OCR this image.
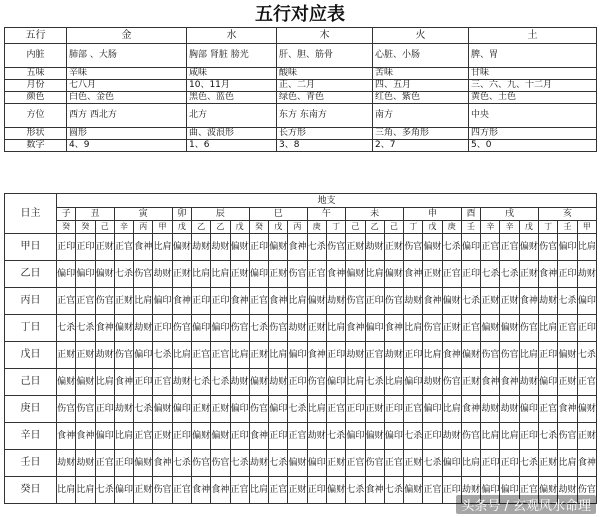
五行对应表
五行	金	水	木	火	土
内脏	肺部 、大肠	胸部 肾脏 膀光	肝、胆、筋骨	心脏、小肠	脾、胃
五味	辛味	咸味	酸味	苦味	甘味
月份	七八月	10、11月	正、二月	四、五月	三、六、九、十二月
颜色	白色、金色	黑色、蓝色	绿色、青色	红色、紫色	黄色、土色
方位	西方 西北方	北方	东方 东南方	南方	中央
形状	圆形	曲、波浪形	长方形	三角、多角形	四方形
数字	4、9	1、6	3、8	2、7	5、0
日主	地支																											
	子	丑		寅			卯	辰			巳			午		未			申			酉	戌			亥		
	癸	癸	己	辛	丙	甲	戊	乙	乙	戊	癸	戊	丙	庚	丁	己	乙	己	丁	戊	庚	壬	辛	辛	戊	丁	壬	甲

甲日	正印	正印	正财	正官	食神	比肩	偏财	劫财	劫财	偏财	正印	偏财	食神	七杀	伤官	正财	劫财	正财	伤官	偏财	七杀	偏印	正官	正官	偏财	伤官	偏印	比肩
乙日	偏印	偏印	偏财	七杀	伤官	劫财	正财	比肩	比肩	正财	偏印	正财	伤官	正官	食神	偏财	比肩	偏财	食神	正财	正官	正印	七杀	七杀	正财	食神	正印	劫财
丙日	正官	正官	伤官	正财	比肩	偏印	食神	正印	正印	食神	正官	食神	比肩	偏财	劫财	伤官	正印	伤官	劫财	食神	偏财	七杀	正财	正财	食神	劫财	七杀	偏印
丁日	七杀	七杀	食神	偏财	劫财	正印	伤官	偏印	偏印	伤官	七杀	伤官	劫财	正财	比肩	食神	偏印	食神	比肩	伤官	正财	正官	偏财	偏财	伤官	比肩	正官	正印
戊日	正财	正财	劫财	伤官	偏印	七杀	比肩	正官	正官	比肩	正财	比肩	偏印	食神	正印	劫财	正官	劫财	正印	比肩	食神	偏财	伤官	伤官	比肩	正印	偏财	七杀
己日	偏财	偏财	比肩	食神	正印	正官	劫财	七杀	七杀	劫财	偏财	劫财	正印	伤官	偏印	比肩	七杀	比肩	偏印	劫财	伤官	正财	食神	食神	劫财	偏印	正财	正官
庚日	伤官	伤官	正印	劫财	七杀	偏财	偏印	正财	正财	偏印	伤官	偏印	七杀	比肩	正官	正印	正财	正印	正官	偏印	比肩	食神	劫财	劫财	偏印	正官	食神	偏财
辛日	食神	食神	偏印	比肩	正官	正财	正印	偏财	偏财	正印	食神	正印	正官	劫财	七杀	偏印	偏财	偏印	七杀	正印	劫财	伤官	比肩	比肩	正印	七杀	伤官	正财
壬日	劫财	劫财	正官	正印	偏财	食神	七杀	伤官	伤官	七杀	劫财	七杀	偏财	偏印	正财	正官	伤官	正官	正财	七杀	偏印	比肩	正印	正印	七杀	正财	比肩	食神
癸日	比肩	比肩	七杀	偏印	正财	伤官	正官	食神	食神	正官	比肩	正官	正财	正印	偏财	七杀	食神	七杀	偏财	正官	正印	劫财	偏印	偏印	正官	偏财	劫财	伤官
头条号 / 玄观风水命理
